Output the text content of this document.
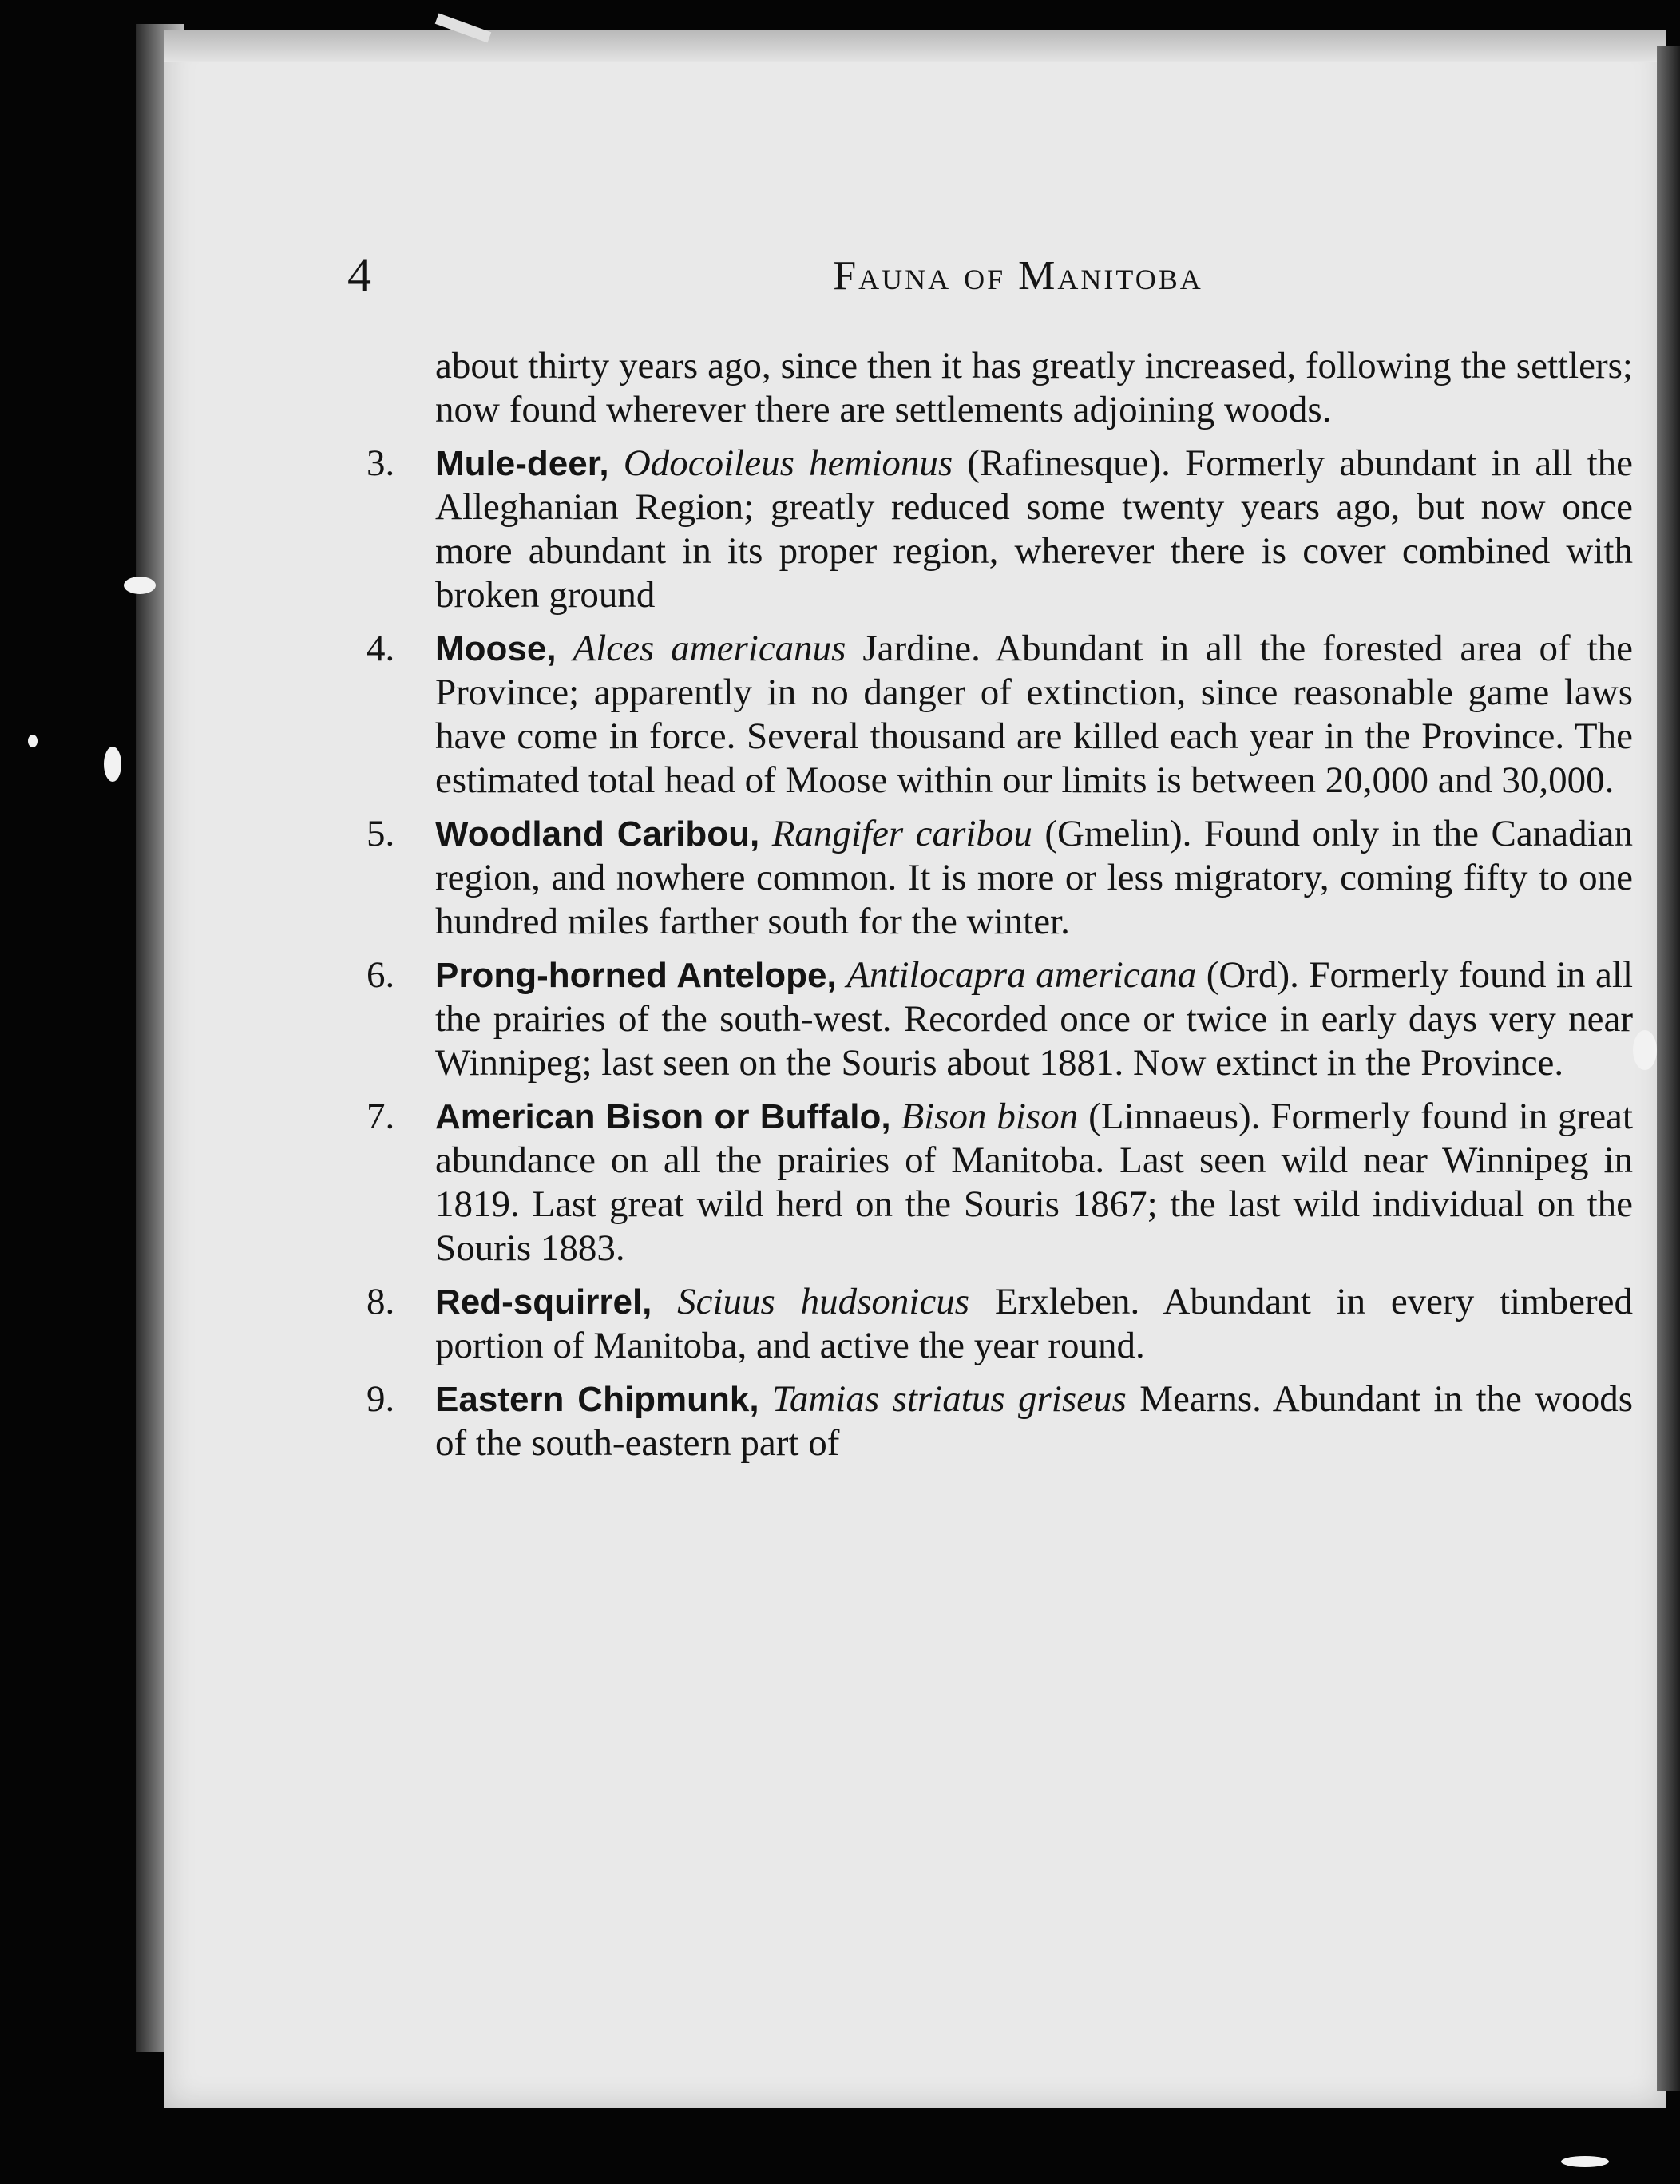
4	Fauna of Manitoba

about thirty years ago, since then it has greatly increased, following the settlers; now found wherever there are settlements adjoining woods.

3. Mule-deer, Odocoileus hemionus (Rafinesque). Formerly abundant in all the Alleghanian Region; greatly reduced some twenty years ago, but now once more abundant in its proper region, wherever there is cover combined with broken ground
4. Moose, Alces americanus Jardine. Abundant in all the forested area of the Province; apparently in no danger of extinction, since reasonable game laws have come in force. Several thousand are killed each year in the Province. The estimated total head of Moose within our limits is between 20,000 and 30,000.
5. Woodland Caribou, Rangifer caribou (Gmelin). Found only in the Canadian region, and nowhere common. It is more or less migratory, coming fifty to one hundred miles farther south for the winter.
6. Prong-horned Antelope, Antilocapra americana (Ord). Formerly found in all the prairies of the south-west. Recorded once or twice in early days very near Winnipeg; last seen on the Souris about 1881. Now extinct in the Province.
7. American Bison or Buffalo, Bison bison (Linnaeus). Formerly found in great abundance on all the prairies of Manitoba. Last seen wild near Winnipeg in 1819. Last great wild herd on the Souris 1867; the last wild individual on the Souris 1883.
8. Red-squirrel, Sciuus hudsonicus Erxleben. Abundant in every timbered portion of Manitoba, and active the year round.
9. Eastern Chipmunk, Tamias striatus griseus Mearns. Abundant in the woods of the south-eastern part of
